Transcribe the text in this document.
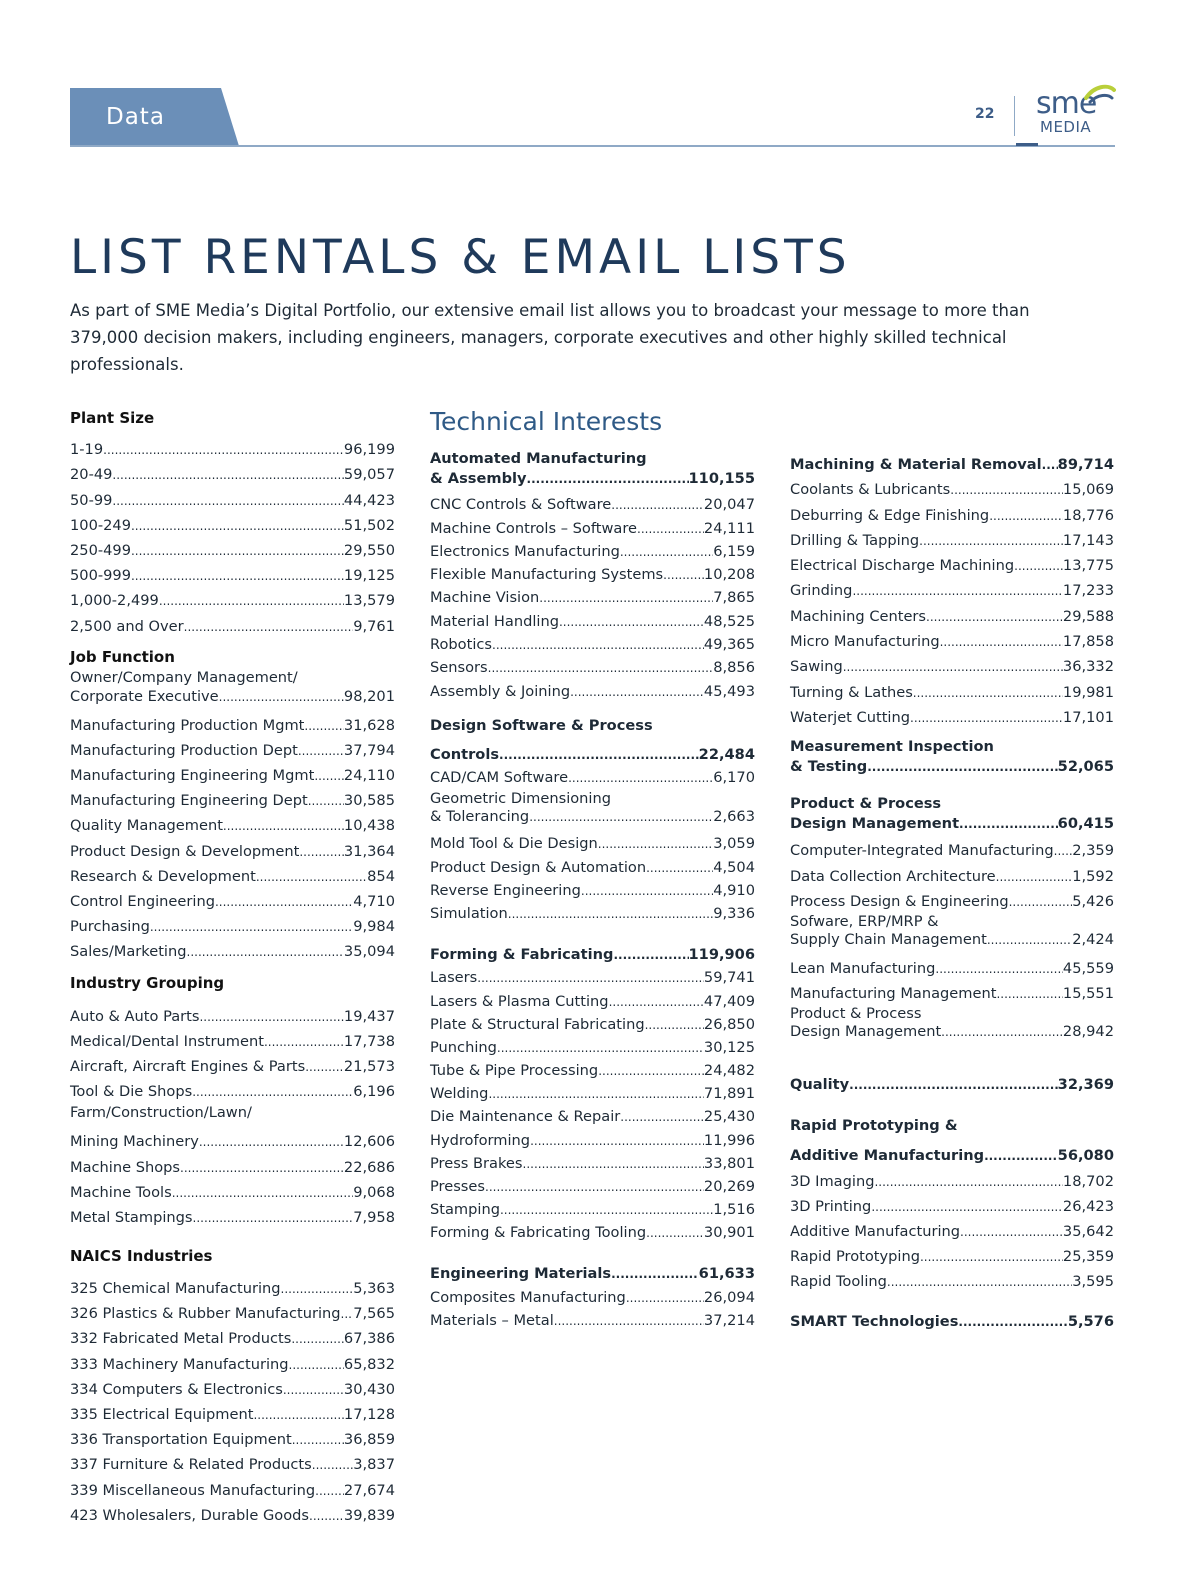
Data	22 sme
MEDIA
LIST RENTALS & EMAIL LISTS

As part of SME Media’s Digital Portfolio, our extensive email list allows you to broadcast your message to more than 379,000 decision makers, including engineers, managers, corporate executives and other highly skilled technical professionals.

Plant Size
1-19 .....	96,199
20-49 .....	59,057
50-99 .....	44,423
100-249 .....	51,502
250-499 .....	29,550
500-999 .....	19,125
1,000-2,499 .....	13,579
2,500 and Over .....	9,761
Job Function
Owner/Company Management/
Corporate Executive .....	98,201
Manufacturing Production Mgmt .....	31,628
Manufacturing Production Dept .....	37,794
Manufacturing Engineering Mgmt ..... 24,110
Manufacturing Engineering Dept ..... 30,585
Quality Management .....	10,438
Product Design & Development .....	31,364
Research & Development .....	854
Control Engineering .....	4,710
Purchasing .....	9,984
Sales/Marketing .....	35,094
Industry Grouping
Auto & Auto Parts .....	19,437
Medical/Dental Instrument .....	17,738
Aircraft, Aircraft Engines & Parts .....	21,573
Tool & Die Shops .....	6,196
Farm/Construction/Lawn/
Mining Machinery .....	12,606
Machine Shops .....	22,686
Machine Tools .....	9,068
Metal Stampings .....	7,958
NAICS Industries
325 Chemical Manufacturing .....	5,363
326 Plastics & Rubber Manufacturing ..... 7,565
332 Fabricated Metal Products .....	67,386
333 Machinery Manufacturing .....	65,832
334 Computers & Electronics .....	30,430
335 Electrical Equipment .....	17,128
336 Transportation Equipment .....	36,859
337 Furniture & Related Products .....	3,837
339 Miscellaneous Manufacturing ..... 27,674
423 Wholesalers, Durable Goods ..... 39,839
Technical Interests
Automated Manufacturing
& Assembly .....	110,155
CNC Controls & Software .....	20,047
Machine Controls – Software .....	24,111
Electronics Manufacturing .....	6,159
Flexible Manufacturing Systems .....	10,208
Machine Vision .....	7,865
Material Handling .....	48,525
Robotics .....	49,365
Sensors .....	8,856
Assembly & Joining .....	45,493
Design Software & Process
Controls .....	22,484
CAD/CAM Software .....	6,170
Geometric Dimensioning
& Tolerancing .....	2,663
Mold Tool & Die Design .....	3,059
Product Design & Automation .....	4,504
Reverse Engineering .....	4,910
Simulation .....	9,336
Forming & Fabricating .....	119,906
Lasers .....	59,741
Lasers & Plasma Cutting .....	47,409
Plate & Structural Fabricating .....	26,850
Punching .....	30,125
Tube & Pipe Processing .....	24,482
Welding .....	71,891
Die Maintenance & Repair .....	25,430
Hydroforming .....	11,996
Press Brakes .....	33,801
Presses .....	20,269
Stamping .....	1,516
Forming & Fabricating Tooling .....	30,901
Engineering Materials .....	61,633
Composites Manufacturing .....	26,094
Materials – Metal .....	37,214
Machining & Material Removal ..... 89,714
Coolants & Lubricants .....	15,069
Deburring & Edge Finishing .....	18,776
Drilling & Tapping .....	17,143
Electrical Discharge Machining .....	13,775
Grinding .....	17,233
Machining Centers .....	29,588
Micro Manufacturing .....	17,858
Sawing .....	36,332
Turning & Lathes .....	19,981
Waterjet Cutting .....	17,101
Measurement Inspection
& Testing .....	52,065
Product & Process
Design Management .....	60,415
Computer-Integrated Manufacturing ..... 2,359
Data Collection Architecture .....	1,592
Process Design & Engineering .....	5,426
Sofware, ERP/MRP &
Supply Chain Management .....	2,424
Lean Manufacturing .....	45,559
Manufacturing Management .....	15,551
Product & Process
Design Management .....	28,942
Quality .....	32,369
Rapid Prototyping &
Additive Manufacturing .....	56,080
3D Imaging .....	18,702
3D Printing .....	26,423
Additive Manufacturing .....	35,642
Rapid Prototyping .....	25,359
Rapid Tooling .....	3,595
SMART Technologies .....	5,576
